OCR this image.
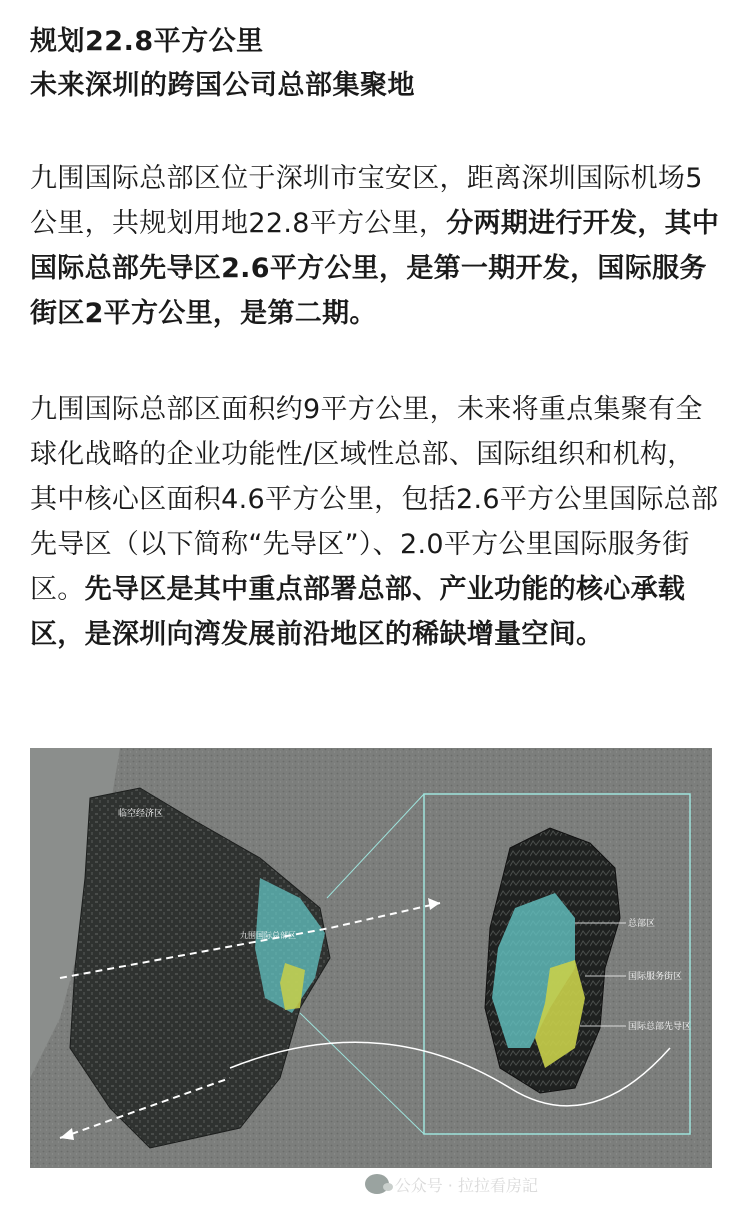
规划22.8平方公里
未来深圳的跨国公司总部集聚地
九围国际总部区位于深圳市宝安区，距离深圳国际机场5公里，共规划用地22.8平方公里，分两期进行开发，其中国际总部先导区2.6平方公里，是第一期开发，国际服务街区2平方公里，是第二期。
九围国际总部区面积约9平方公里，未来将重点集聚有全球化战略的企业功能性/区域性总部、国际组织和机构，其中核心区面积4.6平方公里，包括2.6平方公里国际总部先导区（以下简称“先导区”）、2.0平方公里国际服务街区。先导区是其中重点部署总部、产业功能的核心承载区，是深圳向湾发展前沿地区的稀缺增量空间。
临空经济区
九围国际总部区
总部区
国际服务街区
国际总部先导区
公众号 · 拉拉看房記 搜狐号@搜狐焦点鞍山站
